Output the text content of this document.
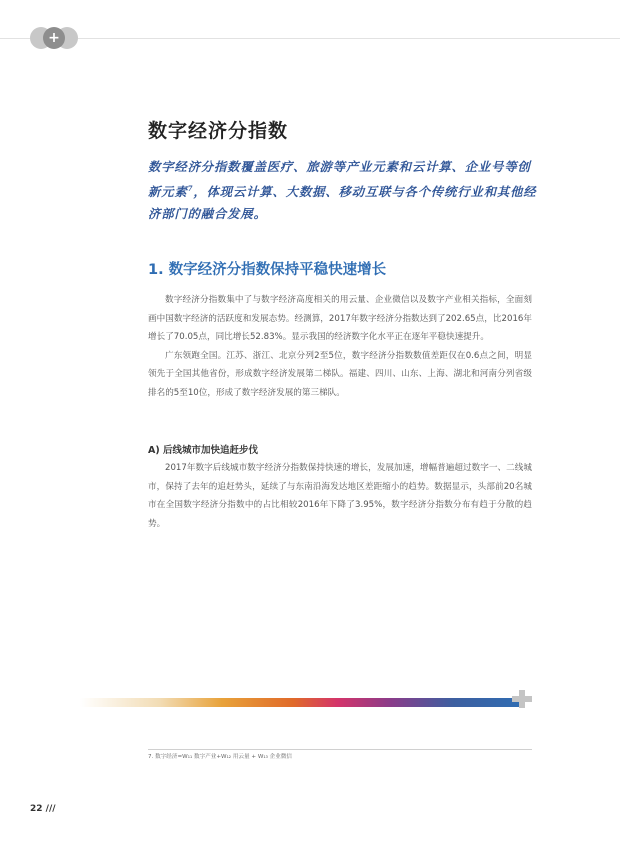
+
数字经济分指数

数字经济分指数覆盖医疗、旅游等产业元素和云计算、企业号等创新元素$^7$，体现云计算、大数据、移动互联与各个传统行业和其他经济部门的融合发展。

1. 数字经济分指数保持平稳快速增长
数字经济分指数集中了与数字经济高度相关的用云量、企业微信以及数字产业相关指标，全面刻画中国数字经济的活跃度和发展态势。经测算，2017年数字经济分指数达到了202.65点，比2016年增长了70.05点，同比增长52.83%。显示我国的经济数字化水平正在逐年平稳快速提升。
广东领跑全国。江苏、浙江、北京分列2至5位，数字经济分指数数值差距仅在0.6点之间，明显领先于全国其他省份，形成数字经济发展第二梯队。福建、四川、山东、上海、湖北和河南分列省级排名的5至10位，形成了数字经济发展的第三梯队。
A) 后线城市加快追赶步伐
2017年数字后线城市数字经济分指数保持快速的增长，发展加速，增幅普遍超过数字一、二线城市，保持了去年的追赶势头，延续了与东南沿海发达地区差距缩小的趋势。数据显示，头部前20名城市在全国数字经济分指数中的占比相较2016年下降了3.95%，数字经济分指数分布有趋于分散的趋势。

7. 数字经济=W₁₁ 数字产业+W₁₂ 用云量 + W₁₃ 企业微信

22 ///
